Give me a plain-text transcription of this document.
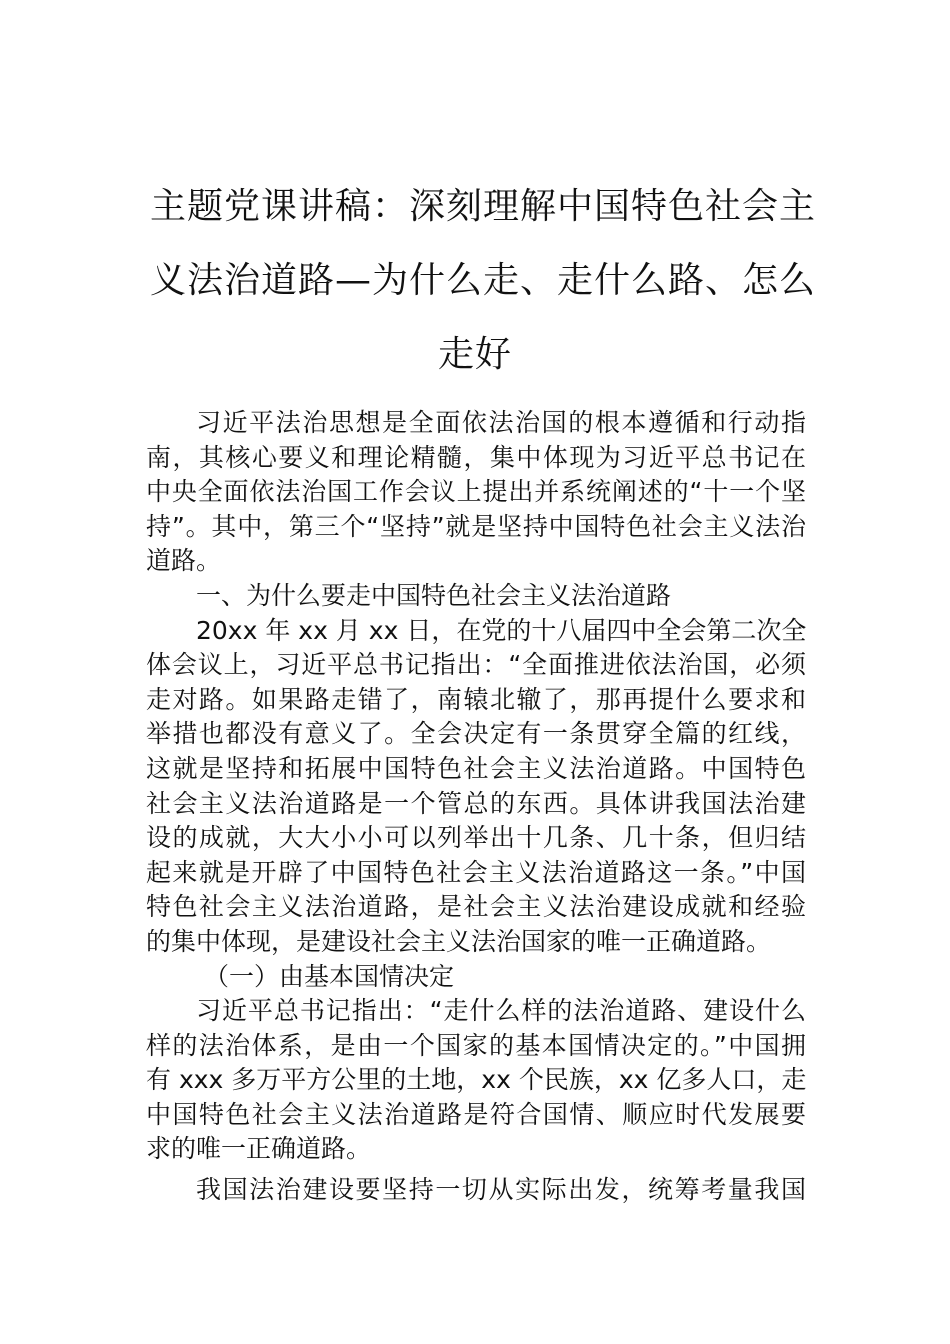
主题党课讲稿：深刻理解中国特色社会主
义法治道路—为什么走、走什么路、怎么
走好
习近平法治思想是全面依法治国的根本遵循和行动指
南，其核心要义和理论精髓，集中体现为习近平总书记在
中央全面依法治国工作会议上提出并系统阐述的“十一个坚
持”。其中，第三个“坚持”就是坚持中国特色社会主义法治
道路。
一、为什么要走中国特色社会主义法治道路
20xx 年 xx 月 xx 日，在党的十八届四中全会第二次全
体会议上，习近平总书记指出：“全面推进依法治国，必须
走对路。如果路走错了，南辕北辙了，那再提什么要求和
举措也都没有意义了。全会决定有一条贯穿全篇的红线，
这就是坚持和拓展中国特色社会主义法治道路。中国特色
社会主义法治道路是一个管总的东西。具体讲我国法治建
设的成就，大大小小可以列举出十几条、几十条，但归结
起来就是开辟了中国特色社会主义法治道路这一条。”中国
特色社会主义法治道路，是社会主义法治建设成就和经验
的集中体现，是建设社会主义法治国家的唯一正确道路。
（一）由基本国情决定
习近平总书记指出：“走什么样的法治道路、建设什么
样的法治体系，是由一个国家的基本国情决定的。”中国拥
有 xxx 多万平方公里的土地，xx 个民族，xx 亿多人口，走
中国特色社会主义法治道路是符合国情、顺应时代发展要
求的唯一正确道路。
我国法治建设要坚持一切从实际出发，统筹考量我国
